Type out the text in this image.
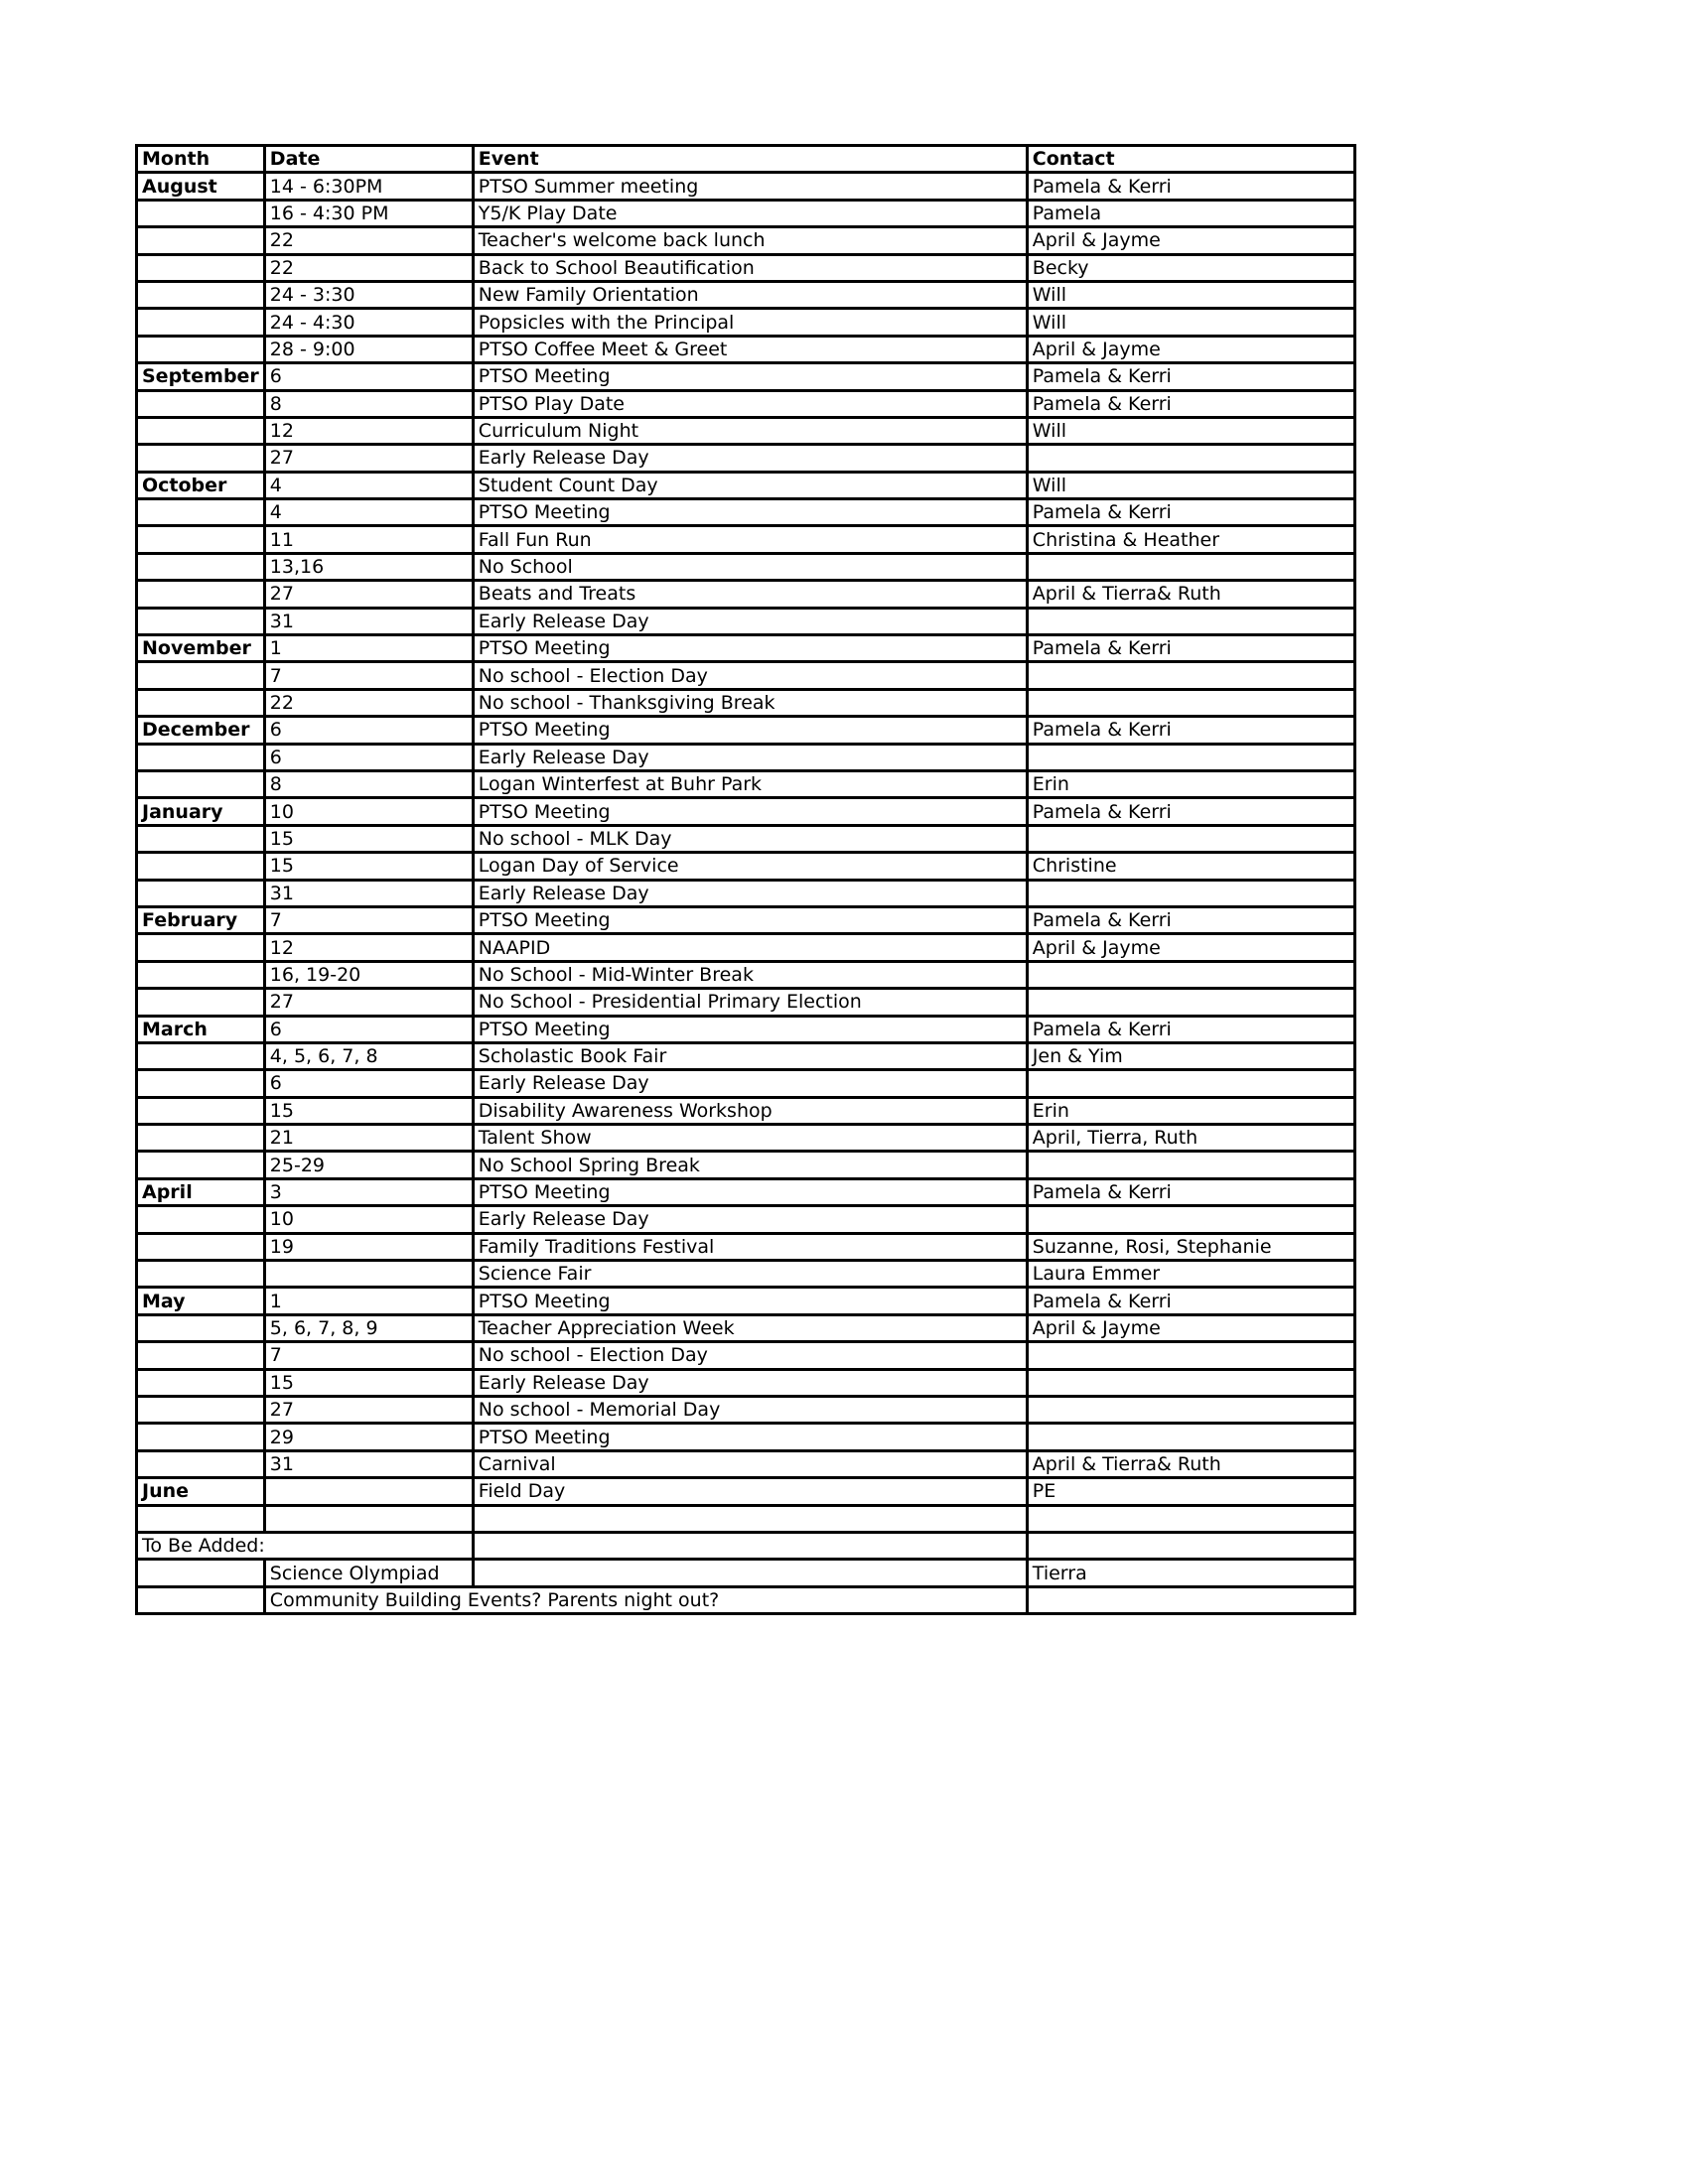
Month	Date	Event	Contact
August	14 - 6:30PM	PTSO Summer meeting	Pamela & Kerri
	16 - 4:30 PM	Y5/K Play Date	Pamela
	22	Teacher's welcome back lunch	April & Jayme
	22	Back to School Beautification	Becky
	24 - 3:30	New Family Orientation	Will
	24 - 4:30	Popsicles with the Principal	Will
	28 - 9:00	PTSO Coffee Meet & Greet	April & Jayme
September	6	PTSO Meeting	Pamela & Kerri
	8	PTSO Play Date	Pamela & Kerri
	12	Curriculum Night	Will
	27	Early Release Day	
October	4	Student Count Day	Will
	4	PTSO Meeting	Pamela & Kerri
	11	Fall Fun Run	Christina & Heather
	13,16	No School	
	27	Beats and Treats	April & Tierra& Ruth
	31	Early Release Day	
November	1	PTSO Meeting	Pamela & Kerri
	7	No school - Election Day	
	22	No school - Thanksgiving Break	
December	6	PTSO Meeting	Pamela & Kerri
	6	Early Release Day	
	8	Logan Winterfest at Buhr Park	Erin
January	10	PTSO Meeting	Pamela & Kerri
	15	No school - MLK Day	
	15	Logan Day of Service	Christine
	31	Early Release Day	
February	7	PTSO Meeting	Pamela & Kerri
	12	NAAPID	April & Jayme
	16, 19-20	No School - Mid-Winter Break	
	27	No School - Presidential Primary Election	
March	6	PTSO Meeting	Pamela & Kerri
	4, 5, 6, 7, 8	Scholastic Book Fair	Jen & Yim
	6	Early Release Day	
	15	Disability Awareness Workshop	Erin
	21	Talent Show	April, Tierra, Ruth
	25-29	No School Spring Break	
April	3	PTSO Meeting	Pamela & Kerri
	10	Early Release Day	
	19	Family Traditions Festival	Suzanne, Rosi, Stephanie
		Science Fair	Laura Emmer
May	1	PTSO Meeting	Pamela & Kerri
	5, 6, 7, 8, 9	Teacher Appreciation Week	April & Jayme
	7	No school - Election Day	
	15	Early Release Day	
	27	No school - Memorial Day	
	29	PTSO Meeting	
	31	Carnival	April & Tierra& Ruth
June		Field Day	PE

To Be Added:			
	Science Olympiad		Tierra
	Community Building Events? Parents night out?		
